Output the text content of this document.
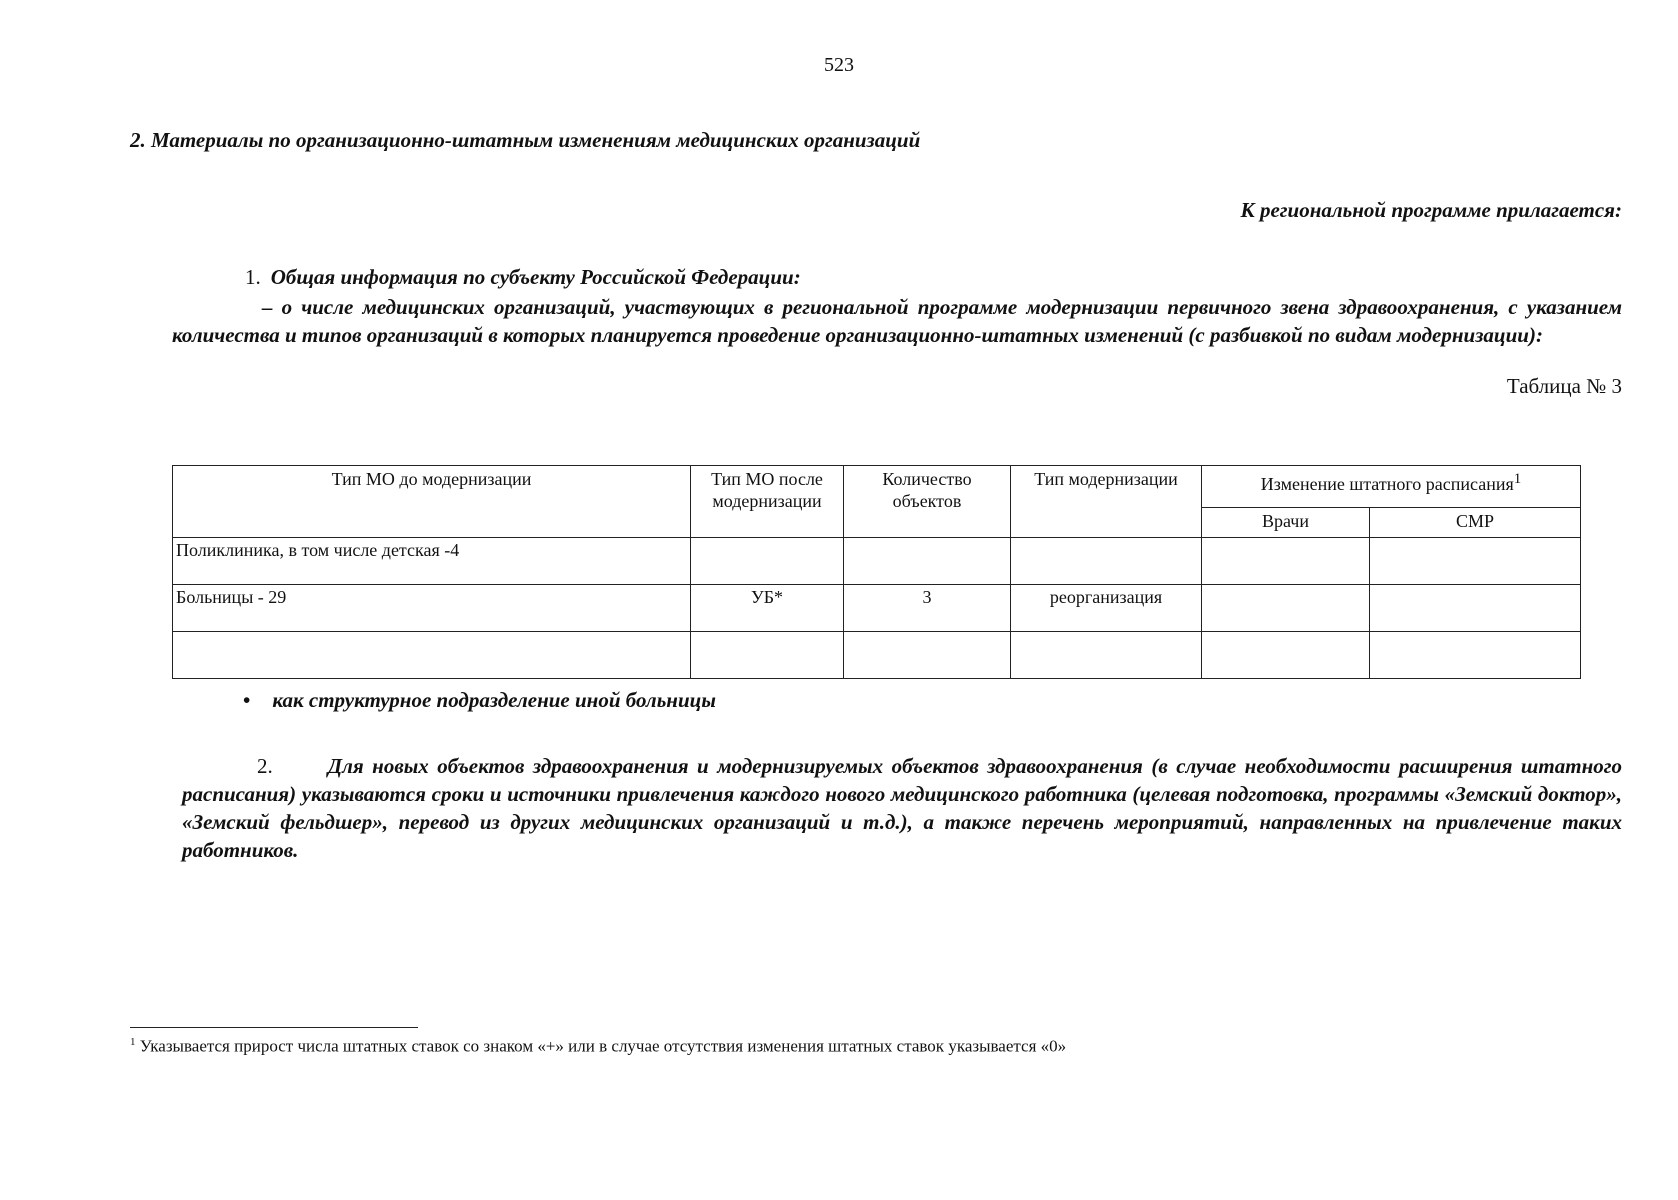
523
2. Материалы по организационно-штатным изменениям медицинских организаций
К региональной программе прилагается:
1. Общая информация по субъекту Российской Федерации:
– о числе медицинских организаций, участвующих в региональной программе модернизации первичного звена здравоохранения, с указанием количества и типов организаций в которых планируется проведение организационно-штатных изменений (с разбивкой по видам модернизации):
Таблица № 3
Тип МО до модернизации	Тип МО после модернизации	Количество объектов	Тип модернизации	Изменение штатного расписания$^1$
				Врачи	СМР
Поликлиника, в том числе детская -4					
Больницы - 29	УБ*	3	реорганизация		

• как структурное подразделение иной больницы
2.	Для новых объектов здравоохранения и модернизируемых объектов здравоохранения (в случае необходимости расширения штатного расписания) указываются сроки и источники привлечения каждого нового медицинского работника (целевая подготовка, программы «Земский доктор», «Земский фельдшер», перевод из других медицинских организаций и т.д.), а также перечень мероприятий, направленных на привлечение таких работников.
$^1$ Указывается прирост числа штатных ставок со знаком «+» или в случае отсутствия изменения штатных ставок указывается «0»
